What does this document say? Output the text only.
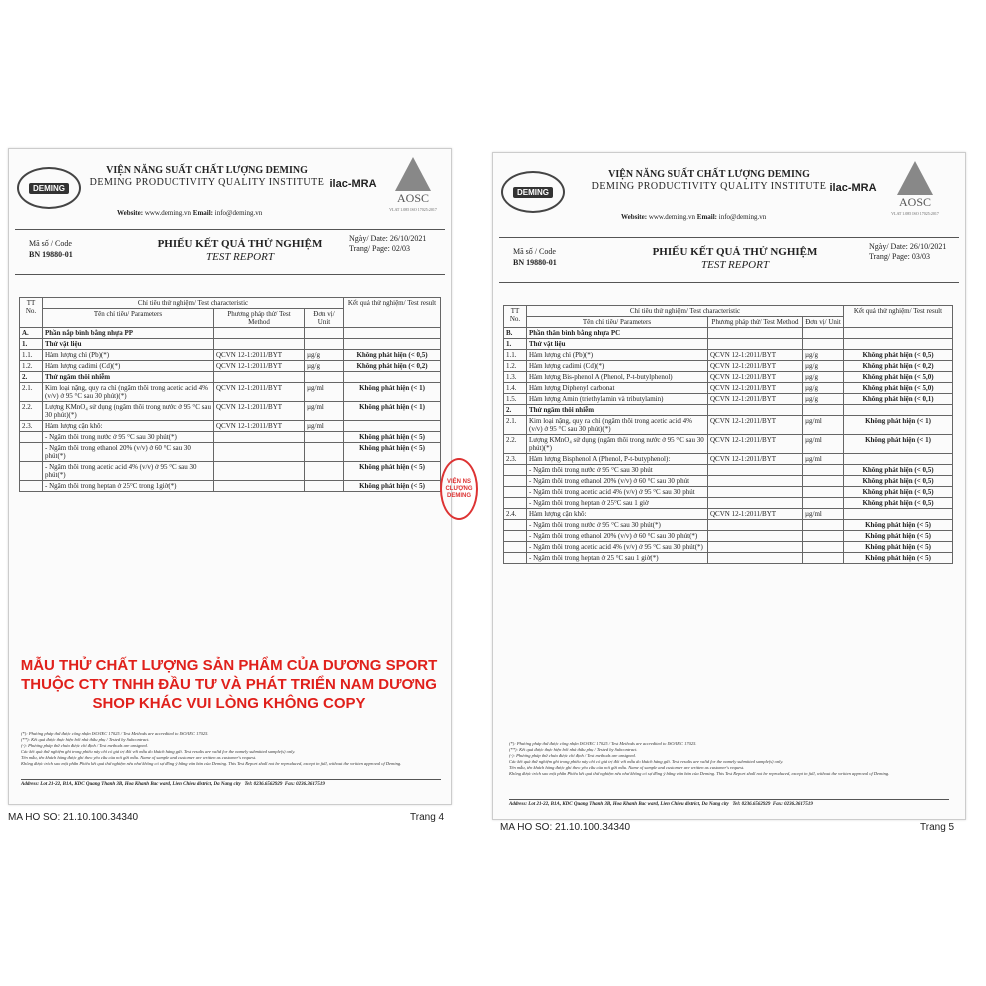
DEMING
VIỆN NĂNG SUẤT CHẤT LƯỢNG DEMING
DEMING PRODUCTIVITY QUALITY INSTITUTE
Website: www.deming.vn Email: info@deming.vn
ilac-MRA
AOSC
VLAT 1.085 ISO 17025:2017
Mã số / Code
BN 19880-01
PHIẾU KẾT QUẢ THỬ NGHIỆM
TEST REPORT
Ngày/ Date: 26/10/2021
Trang/ Page: 02/03
TT
No.	Chỉ tiêu thử nghiệm/ Test characteristic			Kết quả thử nghiệm/ Test result
	Tên chỉ tiêu/ Parameters	Phương pháp thử/ Test Method	Đơn vị/ Unit	
A.	Phần nắp bình bằng nhựa PP			
1.	Thử vật liệu			
1.1.	Hàm lượng chì (Pb)(*)	QCVN 12-1:2011/BYT	µg/g	Không phát hiện (< 0,5)
1.2.	Hàm lượng cadimi (Cd)(*)	QCVN 12-1:2011/BYT	µg/g	Không phát hiện (< 0,2)
2.	Thử ngâm thôi nhiễm			
2.1.	Kim loại nặng, quy ra chì (ngâm thôi trong acetic acid 4% (v/v) ở 95 °C sau 30 phút)(*)	QCVN 12-1:2011/BYT	µg/ml	Không phát hiện (< 1)
2.2.	Lượng KMnO₄ sử dụng (ngâm thôi trong nước ở 95 °C sau 30 phút)(*)	QCVN 12-1:2011/BYT	µg/ml	Không phát hiện (< 1)
2.3.	Hàm lượng cặn khô:	QCVN 12-1:2011/BYT	µg/ml	
	- Ngâm thôi trong nước ở 95 °C sau 30 phút(*)			Không phát hiện (< 5)
	- Ngâm thôi trong ethanol 20% (v/v) ở 60 °C sau 30 phút(*)			Không phát hiện (< 5)
	- Ngâm thôi trong acetic acid 4% (v/v) ở 95 °C sau 30 phút(*)			Không phát hiện (< 5)
	- Ngâm thôi trong heptan ở 25°C trong 1giờ(*)			Không phát hiện (< 5)
(*): Phương pháp thử được công nhận ISO/IEC 17025 / Test Methods are accredited to ISO/IEC 17025.
(**): Kết quả được thực hiện bởi nhà thầu phụ / Tested by Subcontract.
(-): Phương pháp thử chưa được chỉ định / Test methods are unsigned.
Các kết quả thử nghiệm ghi trong phiếu này chỉ có giá trị đối với mẫu do khách hàng gửi. Test results are valid for the namely submitted sample(s) only.
Tên mẫu, tên khách hàng được ghi theo yêu cầu của nơi gửi mẫu. Name of sample and customer are written as customer's request.
Không được trích sao một phần Phiếu kết quả thử nghiệm nếu như không có sự đồng ý bằng văn bản của Deming. This Test Report shall not be reproduced, except in full, without the written approval of Deming.
Address: Lot 21-22, B1A, KDC Quang Thanh 3B, Hoa Khanh Bac ward, Lien Chieu district, Da Nang city Tel: 0236.6562929 Fax: 0236.3617519
MA HO SO: 21.10.100.34340	Trang 4
MẪU THỬ CHẤT LƯỢNG SẢN PHẨM CỦA DƯƠNG SPORT
THUỘC CTY TNHH ĐẦU TƯ VÀ PHÁT TRIỂN NAM DƯƠNG
SHOP KHÁC VUI LÒNG KHÔNG COPY
DEMING
VIỆN NĂNG SUẤT CHẤT LƯỢNG DEMING
DEMING PRODUCTIVITY QUALITY INSTITUTE
Website: www.deming.vn Email: info@deming.vn
ilac-MRA
AOSC
VLAT 1.085 ISO 17025:2017
Mã số / Code
BN 19880-01
PHIẾU KẾT QUẢ THỬ NGHIỆM
TEST REPORT
Ngày/ Date: 26/10/2021
Trang/ Page: 03/03
TT
No.	Chỉ tiêu thử nghiệm/ Test characteristic			Kết quả thử nghiệm/ Test result
	Tên chỉ tiêu/ Parameters	Phương pháp thử/ Test Method	Đơn vị/ Unit	
B.	Phần thân bình bằng nhựa PC			
1.	Thử vật liệu			
1.1.	Hàm lượng chì (Pb)(*)	QCVN 12-1:2011/BYT	µg/g	Không phát hiện (< 0,5)
1.2.	Hàm lượng cadimi (Cd)(*)	QCVN 12-1:2011/BYT	µg/g	Không phát hiện (< 0,2)
1.3.	Hàm lượng Bis-phenol A (Phenol, P-t-butylphenol)	QCVN 12-1:2011/BYT	µg/g	Không phát hiện (< 5,0)
1.4.	Hàm lượng Diphenyl carbonat	QCVN 12-1:2011/BYT	µg/g	Không phát hiện (< 5,0)
1.5.	Hàm lượng Amin (triethylamin và tributylamin)	QCVN 12-1:2011/BYT	µg/g	Không phát hiện (< 0,1)
2.	Thử ngâm thôi nhiễm			
2.1.	Kim loại nặng, quy ra chì (ngâm thôi trong acetic acid 4% (v/v) ở 95 °C sau 30 phút)(*)	QCVN 12-1:2011/BYT	µg/ml	Không phát hiện (< 1)
2.2.	Lượng KMnO₄ sử dụng (ngâm thôi trong nước ở 95 °C sau 30 phút)(*)	QCVN 12-1:2011/BYT	µg/ml	Không phát hiện (< 1)
2.3.	Hàm lượng Bisphenol A (Phenol, P-t-butyphenol):	QCVN 12-1:2011/BYT	µg/ml	
	- Ngâm thôi trong nước ở 95 °C sau 30 phút			Không phát hiện (< 0,5)
	- Ngâm thôi trong ethanol 20% (v/v) ở 60 °C sau 30 phút			Không phát hiện (< 0,5)
	- Ngâm thôi trong acetic acid 4% (v/v) ở 95 °C sau 30 phút			Không phát hiện (< 0,5)
	- Ngâm thôi trong heptan ở 25°C sau 1 giờ			Không phát hiện (< 0,5)
2.4.	Hàm lượng cặn khô:	QCVN 12-1:2011/BYT	µg/ml	
	- Ngâm thôi trong nước ở 95 °C sau 30 phút(*)			Không phát hiện (< 5)
	- Ngâm thôi trong ethanol 20% (v/v) ở 60 °C sau 30 phút(*)			Không phát hiện (< 5)
	- Ngâm thôi trong acetic acid 4% (v/v) ở 95 °C sau 30 phút(*)			Không phát hiện (< 5)
	- Ngâm thôi trong heptan ở 25 °C sau 1 giờ(*)			Không phát hiện (< 5)
(*): Phương pháp thử được công nhận ISO/IEC 17025 / Test Methods are accredited to ISO/IEC 17025.
(**): Kết quả được thực hiện bởi nhà thầu phụ / Tested by Subcontract.
(-): Phương pháp thử chưa được chỉ định / Test methods are unsigned.
Các kết quả thử nghiệm ghi trong phiếu này chỉ có giá trị đối với mẫu do khách hàng gửi. Test results are valid for the namely submitted sample(s) only.
Tên mẫu, tên khách hàng được ghi theo yêu cầu của nơi gửi mẫu. Name of sample and customer are written as customer's request.
Không được trích sao một phần Phiếu kết quả thử nghiệm nếu như không có sự đồng ý bằng văn bản của Deming. This Test Report shall not be reproduced, except in full, without the written approval of Deming.
Address: Lot 21-22, B1A, KDC Quang Thanh 3B, Hoa Khanh Bac ward, Lien Chieu district, Da Nang city Tel: 0236.6562929 Fax: 0236.3617519
MA HO SO: 21.10.100.34340	Trang 5
VIỆN NS CLƯỢNG DEMING
